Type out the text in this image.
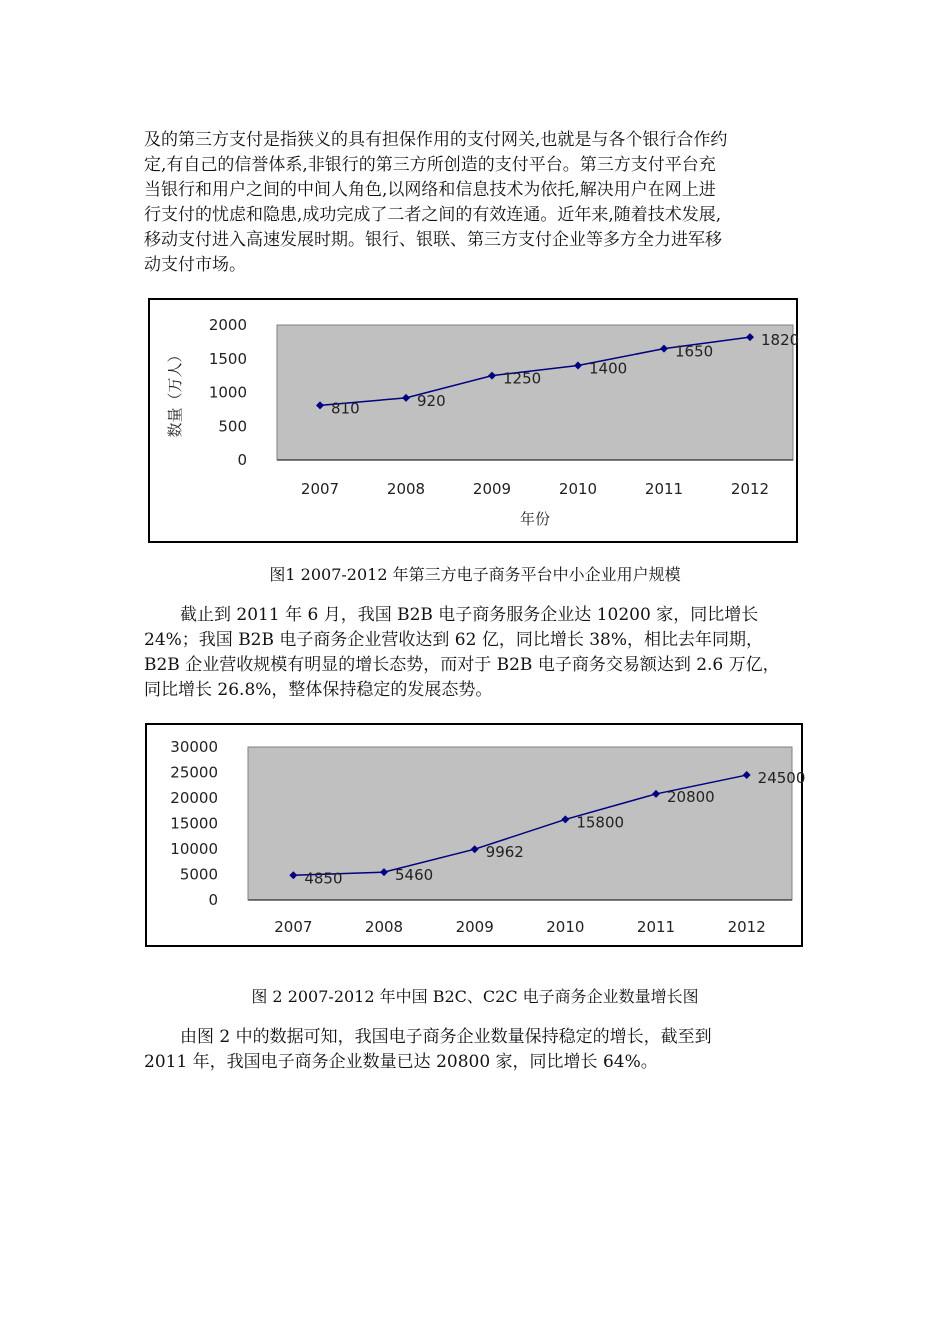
及的第三方支付是指狭义的具有担保作用的支付网关,也就是与各个银行合作约
定,有自己的信誉体系,非银行的第三方所创造的支付平台。第三方支付平台充
当银行和用户之间的中间人角色,以网络和信息技术为依托,解决用户在网上进
行支付的忧虑和隐患,成功完成了二者之间的有效连通。近年来,随着技术发展,
移动支付进入高速发展时期。银行、银联、第三方支付企业等多方全力进军移
动支付市场。
0
500
1000
1500
2000
2007	2008	2009	2010	2011	2012
810	920
1250
1400
1650
1820
年份
数量（万人）

图1 2007-2012 年第三方电子商务平台中小企业用户规模

截止到 2011 年 6 月，我国 B2B 电子商务服务企业达 10200 家，同比增长
24%；我国 B2B 电子商务企业营收达到 62 亿，同比增长 38%，相比去年同期，
B2B 企业营收规模有明显的增长态势，而对于 B2B 电子商务交易额达到 2.6 万亿，
同比增长 26.8%，整体保持稳定的发展态势。
0
5000
10000
15000
20000
25000
30000
2007	2008	2009	2010	2011	2012
4850	5460
9962
15800
20800
24500

图 2 2007-2012 年中国 B2C、C2C 电子商务企业数量增长图

由图 2 中的数据可知，我国电子商务企业数量保持稳定的增长，截至到
2011 年，我国电子商务企业数量已达 20800 家，同比增长 64%。
